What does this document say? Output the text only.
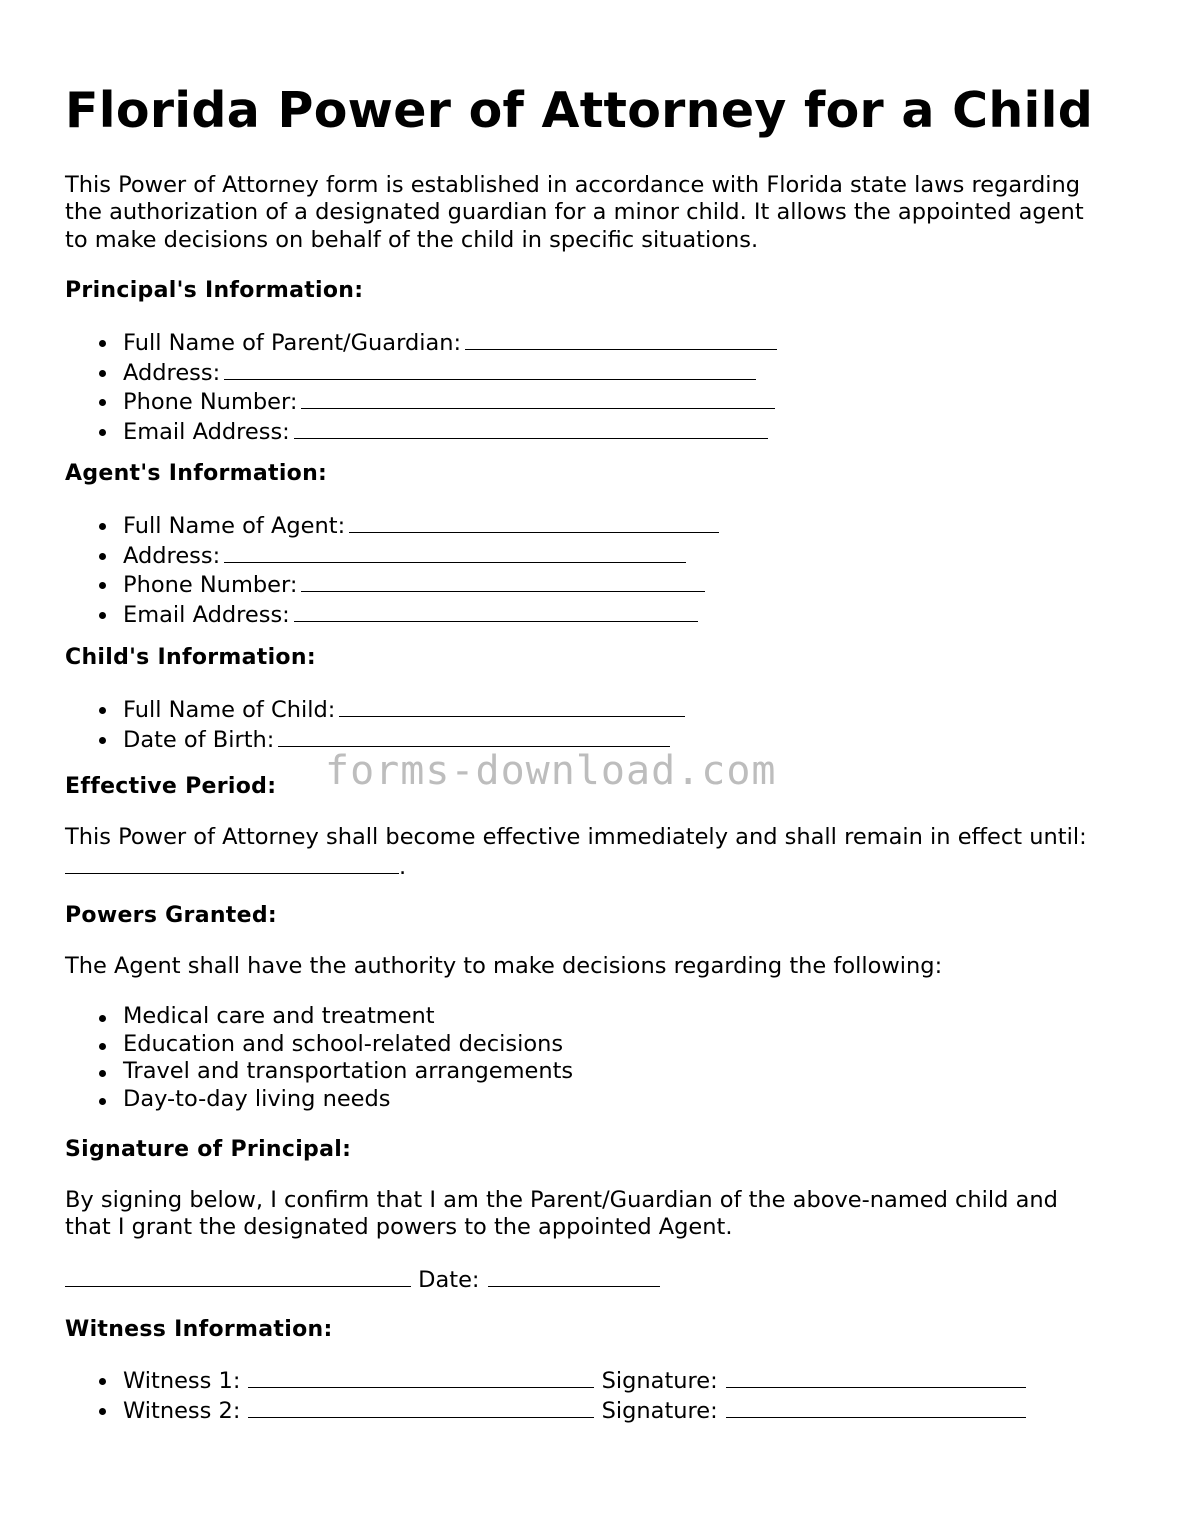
Florida Power of Attorney for a Child

This Power of Attorney form is established in accordance with Florida state laws regarding

the authorization of a designated guardian for a minor child. It allows the appointed agent

to make decisions on behalf of the child in specific situations.

Principal's Information:

Full Name of Parent/Guardian:
Address:
Phone Number:
Email Address:

Agent's Information:

Full Name of Agent:
Address:
Phone Number:
Email Address:

Child's Information:

Full Name of Child:
Date of Birth:

Effective Period:

This Power of Attorney shall become effective immediately and shall remain in effect until:

.

Powers Granted:

The Agent shall have the authority to make decisions regarding the following:

Medical care and treatment
Education and school-related decisions
Travel and transportation arrangements
Day-to-day living needs

Signature of Principal:

By signing below, I confirm that I am the Parent/Guardian of the above-named child and

that I grant the designated powers to the appointed Agent.

Date:

Witness Information:

Witness 1:	Signature:
Witness 2:	Signature:
forms-download.com
